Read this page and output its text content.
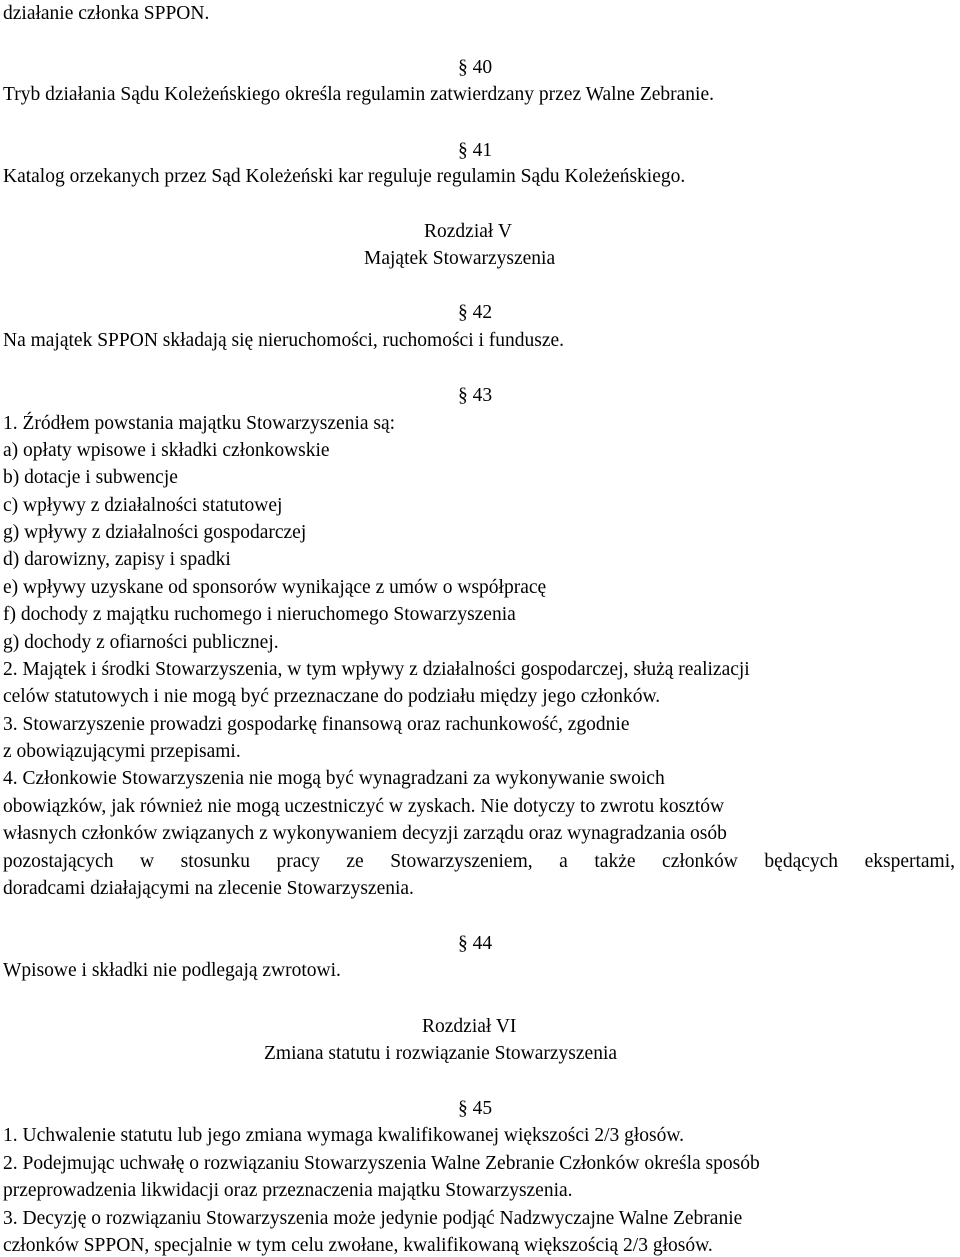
działanie członka SPPON.
§ 40
Tryb działania Sądu Koleżeńskiego określa regulamin zatwierdzany przez Walne Zebranie.
§ 41
Katalog orzekanych przez Sąd Koleżeński kar reguluje regulamin Sądu Koleżeńskiego.
Rozdział V
Majątek Stowarzyszenia
§ 42
Na majątek SPPON składają się nieruchomości, ruchomości i fundusze.
§ 43
1. Źródłem powstania majątku Stowarzyszenia są:
a) opłaty wpisowe i składki członkowskie
b) dotacje i subwencje
c) wpływy z działalności statutowej
g) wpływy z działalności gospodarczej
d) darowizny, zapisy i spadki
e) wpływy uzyskane od sponsorów wynikające z umów o współpracę
f) dochody z majątku ruchomego i nieruchomego Stowarzyszenia
g) dochody z ofiarności publicznej.
2. Majątek i środki Stowarzyszenia, w tym wpływy z działalności gospodarczej, służą realizacji
celów statutowych i nie mogą być przeznaczane do podziału między jego członków.
3. Stowarzyszenie prowadzi gospodarkę finansową oraz rachunkowość, zgodnie
z obowiązującymi przepisami.
4. Członkowie Stowarzyszenia nie mogą być wynagradzani za wykonywanie swoich
obowiązków, jak również nie mogą uczestniczyć w zyskach. Nie dotyczy to zwrotu kosztów
własnych członków związanych z wykonywaniem decyzji zarządu oraz wynagradzania osób
pozostających w stosunku pracy ze Stowarzyszeniem, a także członków będących ekspertami,
doradcami działającymi na zlecenie Stowarzyszenia.
§ 44
Wpisowe i składki nie podlegają zwrotowi.
Rozdział VI
Zmiana statutu i rozwiązanie Stowarzyszenia
§ 45
1. Uchwalenie statutu lub jego zmiana wymaga kwalifikowanej większości 2/3 głosów.
2. Podejmując uchwałę o rozwiązaniu Stowarzyszenia Walne Zebranie Członków określa sposób
przeprowadzenia likwidacji oraz przeznaczenia majątku Stowarzyszenia.
3. Decyzję o rozwiązaniu Stowarzyszenia może jedynie podjąć Nadzwyczajne Walne Zebranie
członków SPPON, specjalnie w tym celu zwołane, kwalifikowaną większością 2/3 głosów.
